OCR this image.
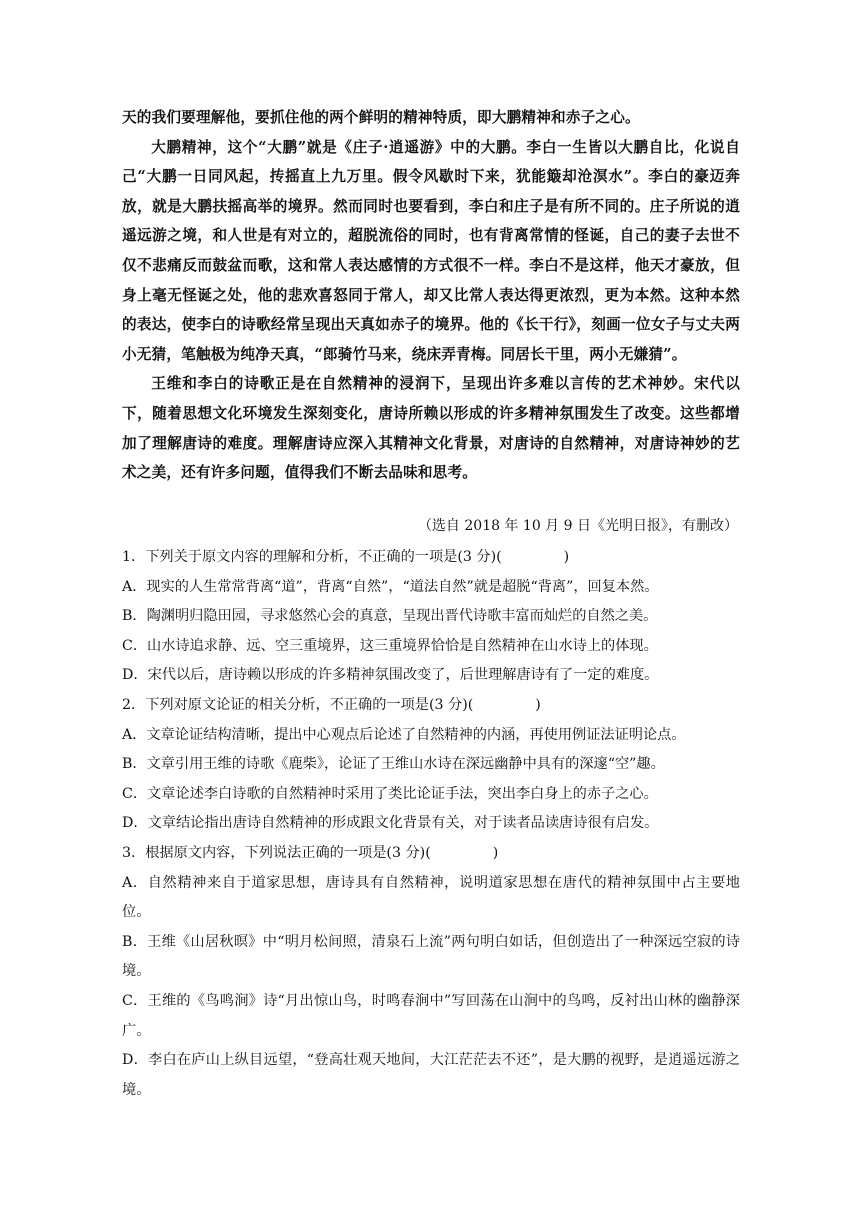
天的我们要理解他，要抓住他的两个鲜明的精神特质，即大鹏精神和赤子之心。

大鹏精神，这个“大鹏”就是《庄子·逍遥游》中的大鹏。李白一生皆以大鹏自比，化说自己“大鹏一日同风起，抟摇直上九万里。假令风歇时下来，犹能簸却沧溟水”。李白的豪迈奔放，就是大鹏扶摇高举的境界。然而同时也要看到，李白和庄子是有所不同的。庄子所说的逍遥远游之境，和人世是有对立的，超脱流俗的同时，也有背离常情的怪诞，自己的妻子去世不仅不悲痛反而鼓盆而歌，这和常人表达感情的方式很不一样。李白不是这样，他天才豪放，但身上毫无怪诞之处，他的悲欢喜怒同于常人，却又比常人表达得更浓烈，更为本然。这种本然的表达，使李白的诗歌经常呈现出天真如赤子的境界。他的《长干行》，刻画一位女子与丈夫两小无猜，笔触极为纯净天真，“郎骑竹马来，绕床弄青梅。同居长干里，两小无嫌猜”。

王维和李白的诗歌正是在自然精神的浸润下，呈现出许多难以言传的艺术神妙。宋代以下，随着思想文化环境发生深刻变化，唐诗所赖以形成的许多精神氛围发生了改变。这些都增加了理解唐诗的难度。理解唐诗应深入其精神文化背景，对唐诗的自然精神，对唐诗神妙的艺术之美，还有许多问题，值得我们不断去品味和思考。

（选自 2018 年 10 月 9 日《光明日报》，有删改）

1．下列关于原文内容的理解和分析，不正确的一项是(3 分)(	)

A．现实的人生常常背离“道”，背离“自然”，“道法自然”就是超脱“背离”，回复本然。

B．陶渊明归隐田园，寻求悠然心会的真意，呈现出晋代诗歌丰富而灿烂的自然之美。

C．山水诗追求静、远、空三重境界，这三重境界恰恰是自然精神在山水诗上的体现。

D．宋代以后，唐诗赖以形成的许多精神氛围改变了，后世理解唐诗有了一定的难度。

2．下列对原文论证的相关分析，不正确的一项是(3 分)(	)

A．文章论证结构清晰，提出中心观点后论述了自然精神的内涵，再使用例证法证明论点。

B．文章引用王维的诗歌《鹿柴》，论证了王维山水诗在深远幽静中具有的深邃“空”趣。

C．文章论述李白诗歌的自然精神时采用了类比论证手法，突出李白身上的赤子之心。

D．文章结论指出唐诗自然精神的形成跟文化背景有关，对于读者品读唐诗很有启发。

3．根据原文内容，下列说法正确的一项是(3 分)(	)

A．自然精神来自于道家思想，唐诗具有自然精神，说明道家思想在唐代的精神氛围中占主要地位。

B．王维《山居秋暝》中“明月松间照，清泉石上流”两句明白如话，但创造出了一种深远空寂的诗境。

C．王维的《鸟鸣涧》诗“月出惊山鸟，时鸣春涧中”写回荡在山涧中的鸟鸣，反衬出山林的幽静深广。

D．李白在庐山上纵目远望，“登高壮观天地间，大江茫茫去不还”，是大鹏的视野，是逍遥远游之境。
